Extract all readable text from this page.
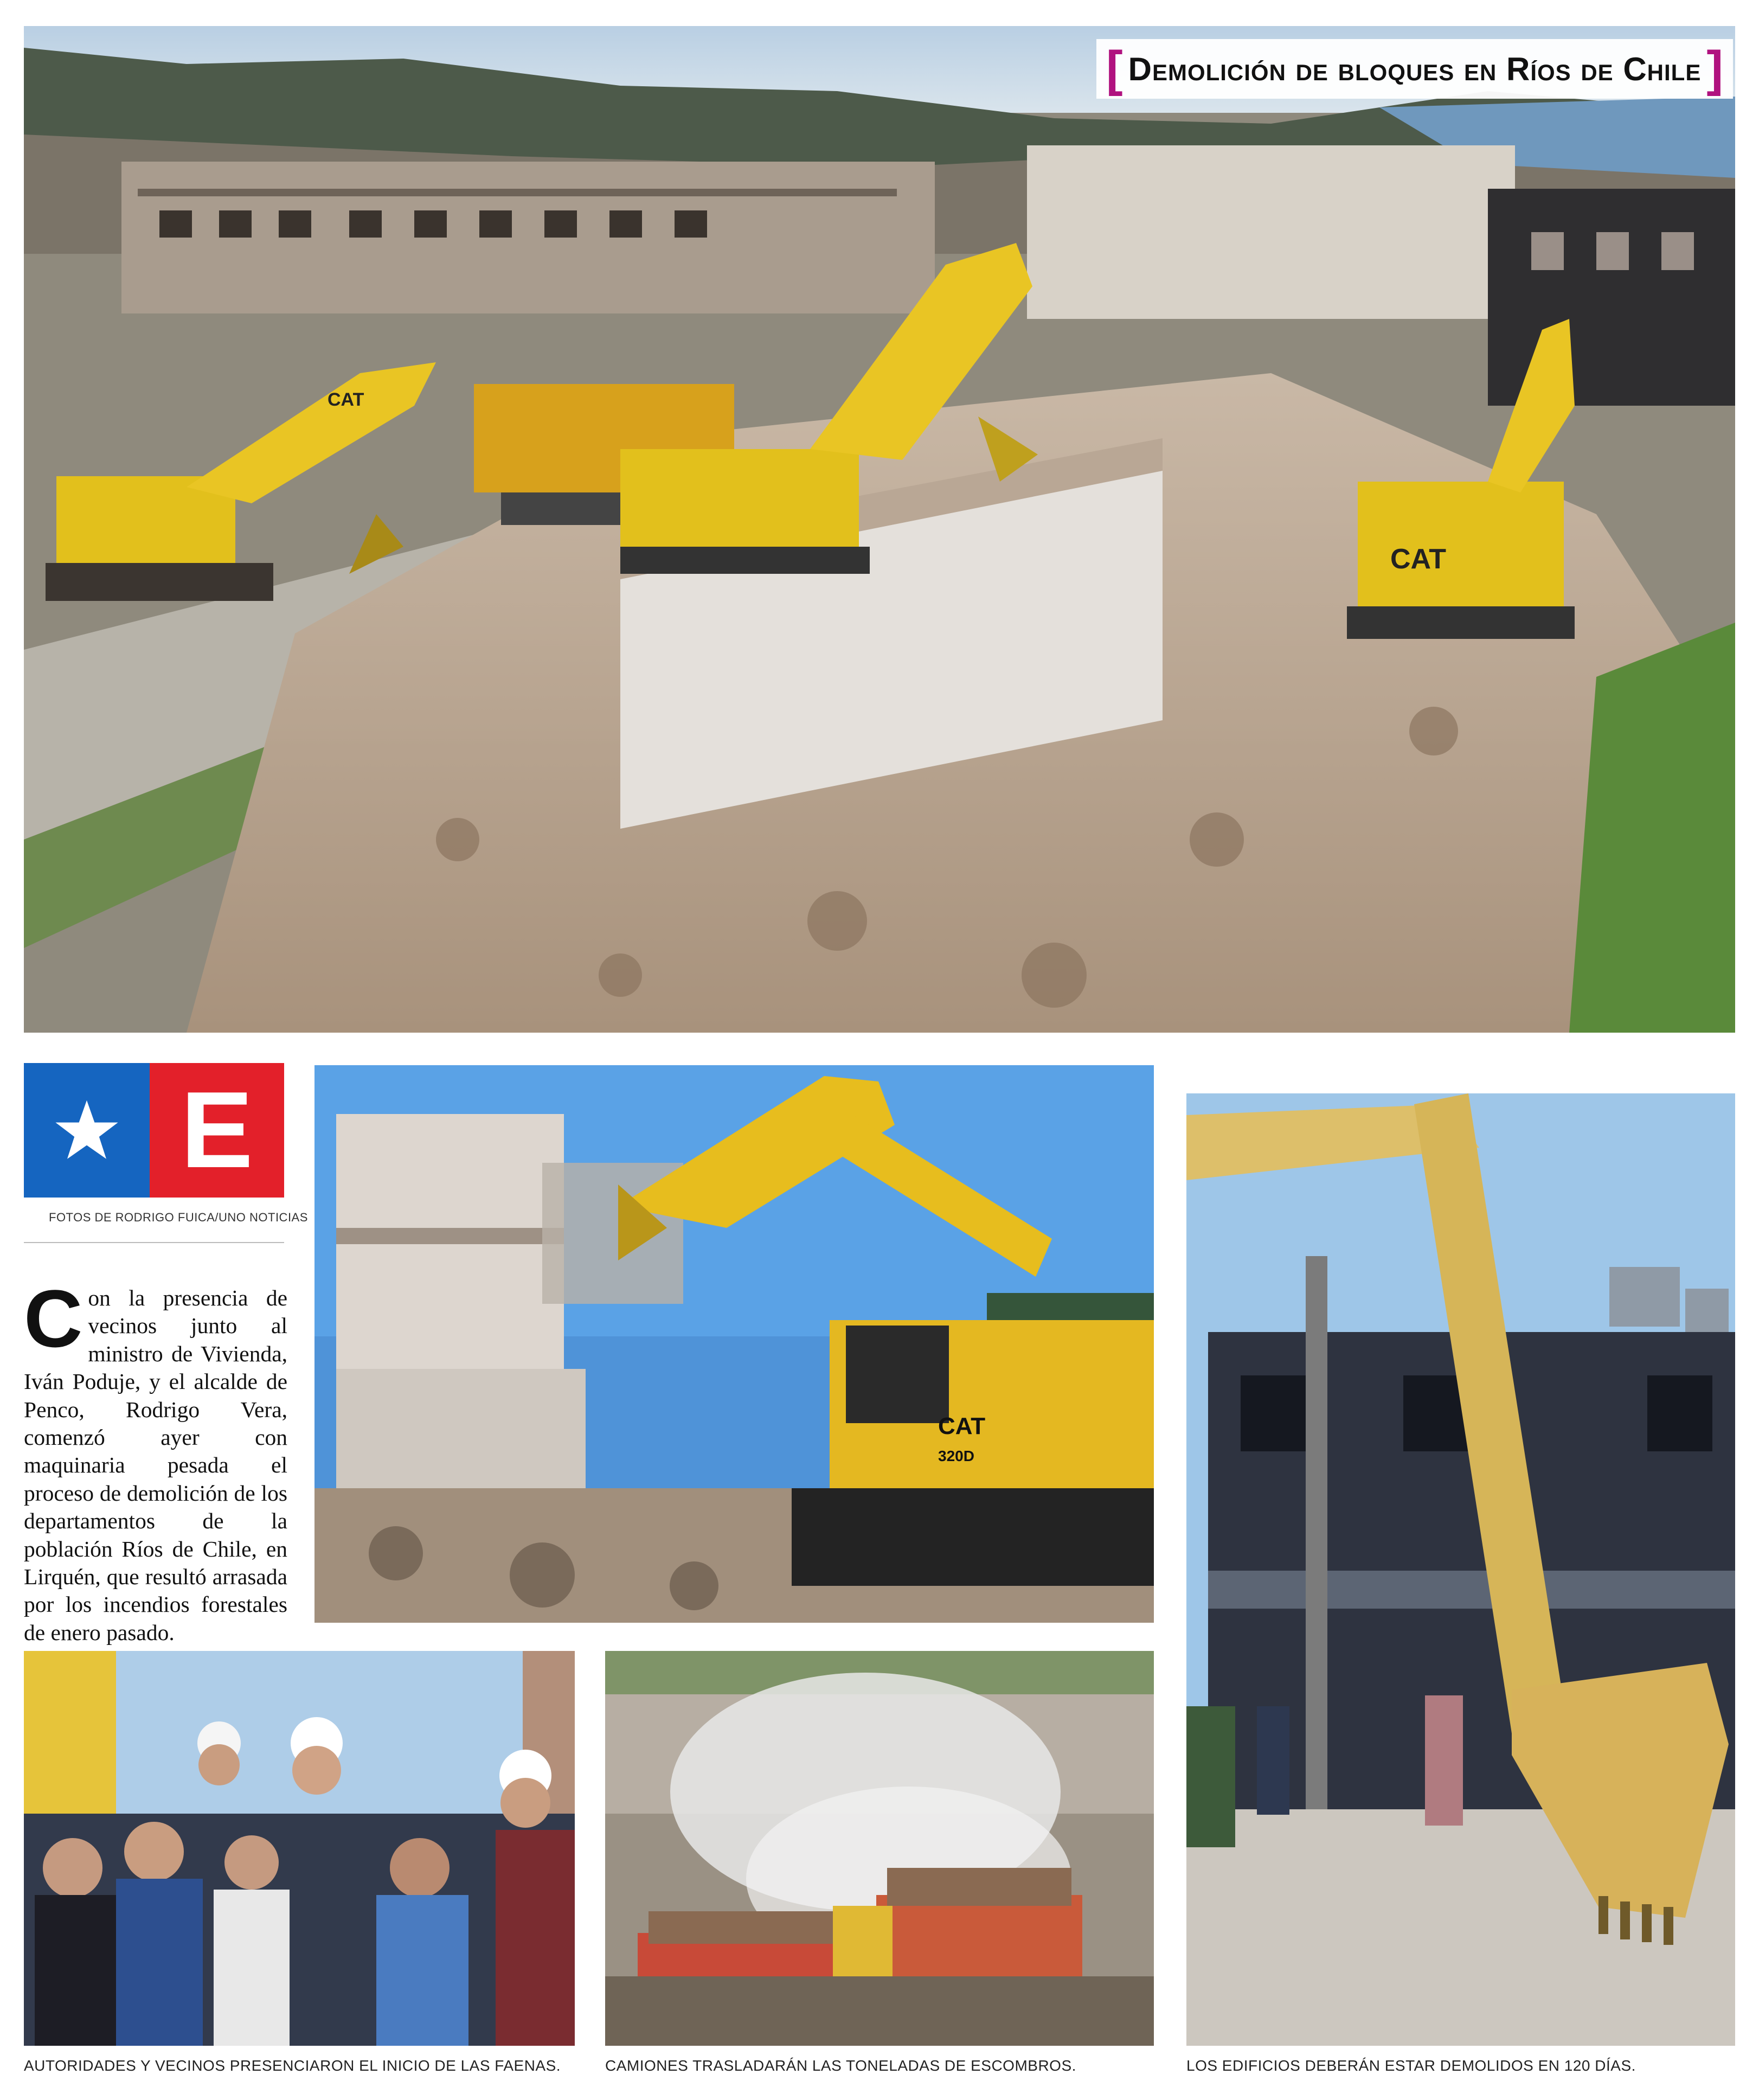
CAT
CAT
[ Demolición de bloques en Ríos de Chile ]
E
FOTOS DE RODRIGO FUICA/UNO NOTICIAS
C on la presencia de vecinos junto al ministro de Vivienda, Iván Poduje, y el alcalde de Penco, Rodrigo Vera, comenzó ayer con maquinaria pesada el proceso de demolición de los departamentos de la población Ríos de Chile, en Lirquén, que resultó arrasada por los incendios forestales de enero pasado.
CAT
320D
AUTORIDADES Y VECINOS PRESENCIARON EL INICIO DE LAS FAENAS.	CAMIONES TRASLADARÁN LAS TONELADAS DE ESCOMBROS.	LOS EDIFICIOS DEBERÁN ESTAR DEMOLIDOS EN 120 DÍAS.
